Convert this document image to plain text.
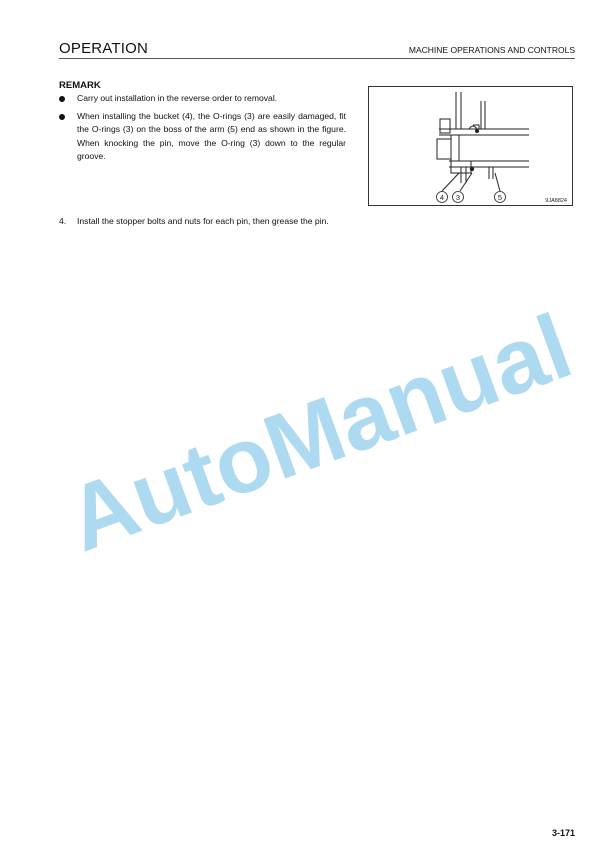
OPERATION	MACHINE OPERATIONS AND CONTROLS
REMARK
Carry out installation in the reverse order to removal.
When installing the bucket (4), the O-rings (3) are easily damaged, fit the O-rings (3) on the boss of the arm (5) end as shown in the figure. When knocking the pin, move the O-ring (3) down to the regular groove.
4 3	5	9JA8824
4. Install the stopper bolts and nuts for each pin, then grease the pin.
AutoManual
3-171
